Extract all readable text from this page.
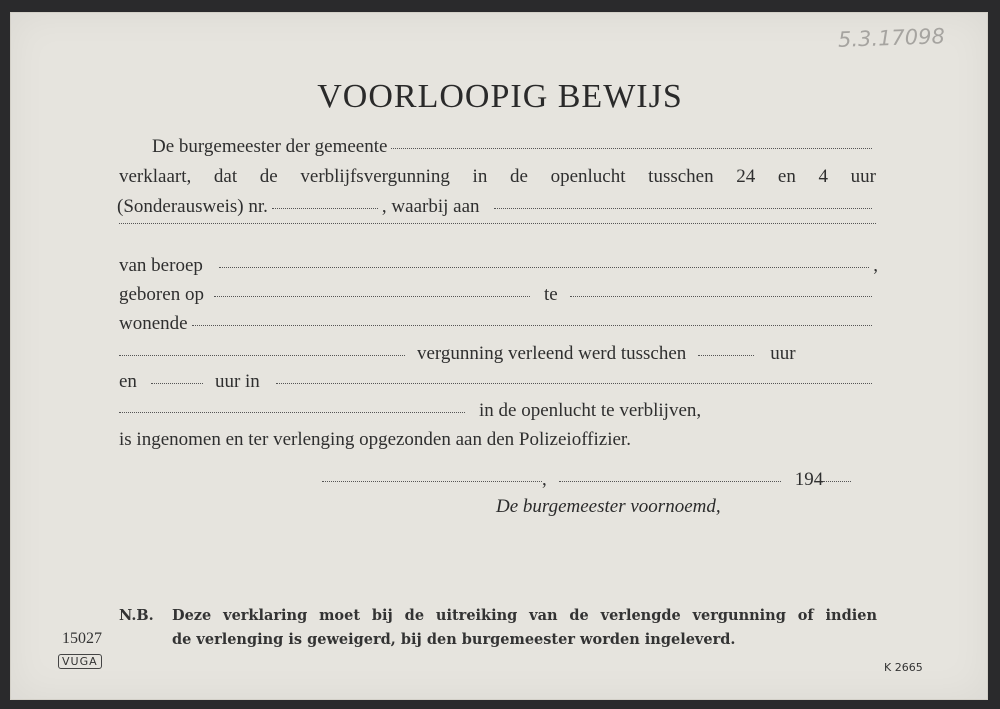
5.3.17098
VOORLOOPIG BEWIJS
De burgemeester der gemeente
verklaart, dat de verblijfsvergunning in de openlucht tusschen 24 en 4 uur
(Sonderausweis) nr.	, waarbij aan
van beroep	,
geboren op	te
wonende
vergunning verleend werd tusschen	uur
en	uur in
in de openlucht te verblijven,
is ingenomen en ter verlenging opgezonden aan den Polizeioffizier.
,	194
De burgemeester voornoemd,
N.B. Deze verklaring moet bij de uitreiking van de verlengde vergunning of indien
15027	de verlenging is geweigerd, bij den burgemeester worden ingeleverd.
VUGA	K 2665
